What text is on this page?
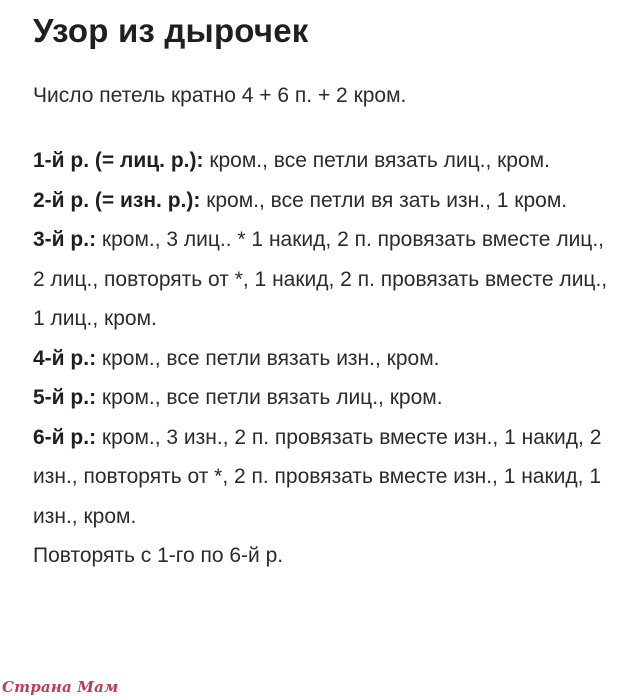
Узор из дырочек

Число петель кратно 4 + 6 п. + 2 кром.

1-й р. (= лиц. р.): кром., все петли вязать лиц., кром.

2-й р. (= изн. р.): кром., все петли вя зать изн., 1 кром.

3-й р.: кром., 3 лиц.. * 1 накид, 2 п. провязать вместе лиц., 2 лиц., повторять от *, 1 накид, 2 п. провязать вместе лиц., 1 лиц., кром.

4-й р.: кром., все петли вязать изн., кром.

5-й р.: кром., все петли вязать лиц., кром.

6-й р.: кром., 3 изн., 2 п. провязать вместе изн., 1 накид, 2 изн., повторять от *, 2 п. провязать вместе изн., 1 накид, 1 изн., кром.

Повторять с 1-го по 6-й р.

Страна Мам
